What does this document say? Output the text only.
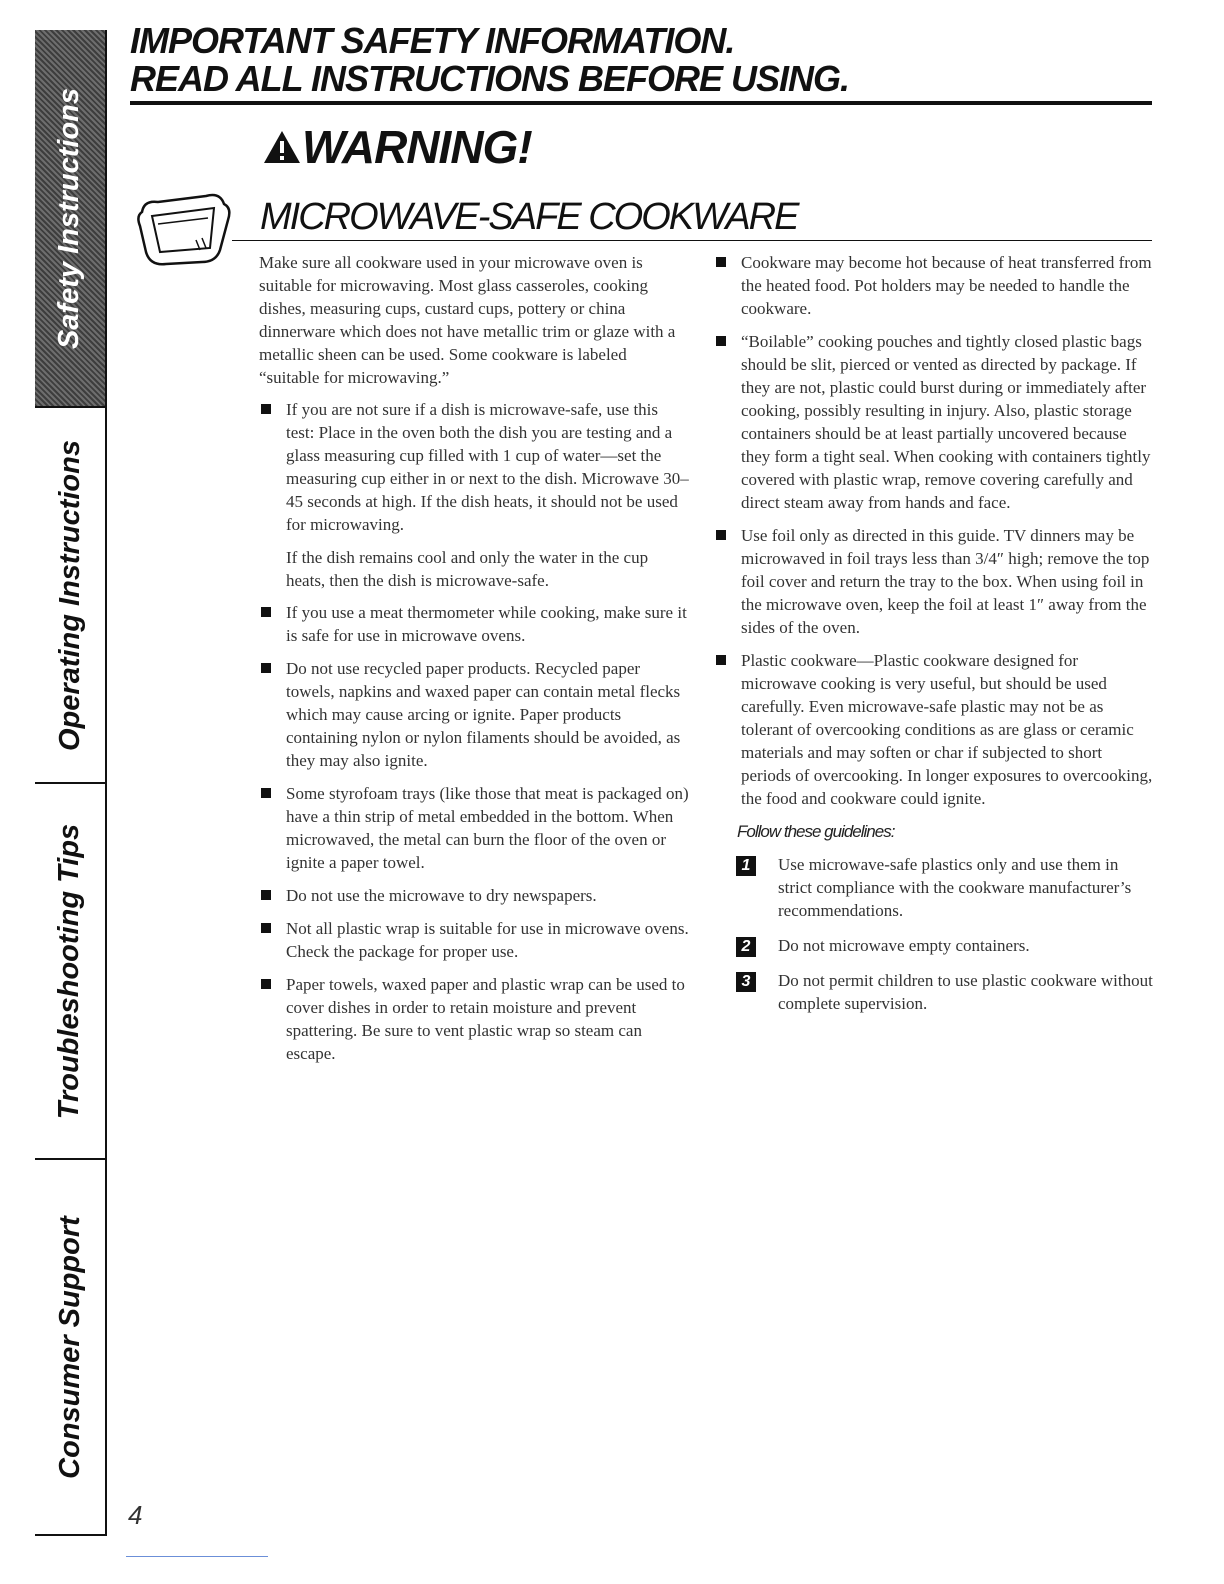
Safety Instructions
Operating Instructions
Troubleshooting Tips
Consumer Support
IMPORTANT SAFETY INFORMATION.
READ ALL INSTRUCTIONS BEFORE USING.
WARNING!
MICROWAVE-SAFE COOKWARE

Make sure all cookware used in your microwave oven is suitable for microwaving. Most glass casseroles, cooking dishes, measuring cups, custard cups, pottery or china dinnerware which does not have metallic trim or glaze with a metallic sheen can be used. Some cookware is labeled “suitable for microwaving.”

If you are not sure if a dish is microwave-safe, use this test: Place in the oven both the dish you are testing and a glass measuring cup filled with 1 cup of water—set the measuring cup either in or next to the dish. Microwave 30–45 seconds at high. If the dish heats, it should not be used for microwaving.

If the dish remains cool and only the water in the cup heats, then the dish is microwave-safe.

If you use a meat thermometer while cooking, make sure it is safe for use in microwave ovens.
Do not use recycled paper products. Recycled paper towels, napkins and waxed paper can contain metal flecks which may cause arcing or ignite. Paper products containing nylon or nylon filaments should be avoided, as they may also ignite.
Some styrofoam trays (like those that meat is packaged on) have a thin strip of metal embedded in the bottom. When microwaved, the metal can burn the floor of the oven or ignite a paper towel.
Do not use the microwave to dry newspapers.
Not all plastic wrap is suitable for use in microwave ovens. Check the package for proper use.
Paper towels, waxed paper and plastic wrap can be used to cover dishes in order to retain moisture and prevent spattering. Be sure to vent plastic wrap so steam can escape.
Cookware may become hot because of heat transferred from the heated food. Pot holders may be needed to handle the cookware.
“Boilable” cooking pouches and tightly closed plastic bags should be slit, pierced or vented as directed by package. If they are not, plastic could burst during or immediately after cooking, possibly resulting in injury. Also, plastic storage containers should be at least partially uncovered because they form a tight seal. When cooking with containers tightly covered with plastic wrap, remove covering carefully and direct steam away from hands and face.
Use foil only as directed in this guide. TV dinners may be microwaved in foil trays less than 3/4″ high; remove the top foil cover and return the tray to the box. When using foil in the microwave oven, keep the foil at least 1″ away from the sides of the oven.
Plastic cookware—Plastic cookware designed for microwave cooking is very useful, but should be used carefully. Even microwave-safe plastic may not be as tolerant of overcooking conditions as are glass or ceramic materials and may soften or char if subjected to short periods of overcooking. In longer exposures to overcooking, the food and cookware could ignite.
Follow these guidelines:
1	Use microwave-safe plastics only and use them in strict compliance with the cookware manufacturer’s recommendations.
2	Do not microwave empty containers.
3	Do not permit children to use plastic cookware without complete supervision.
4
